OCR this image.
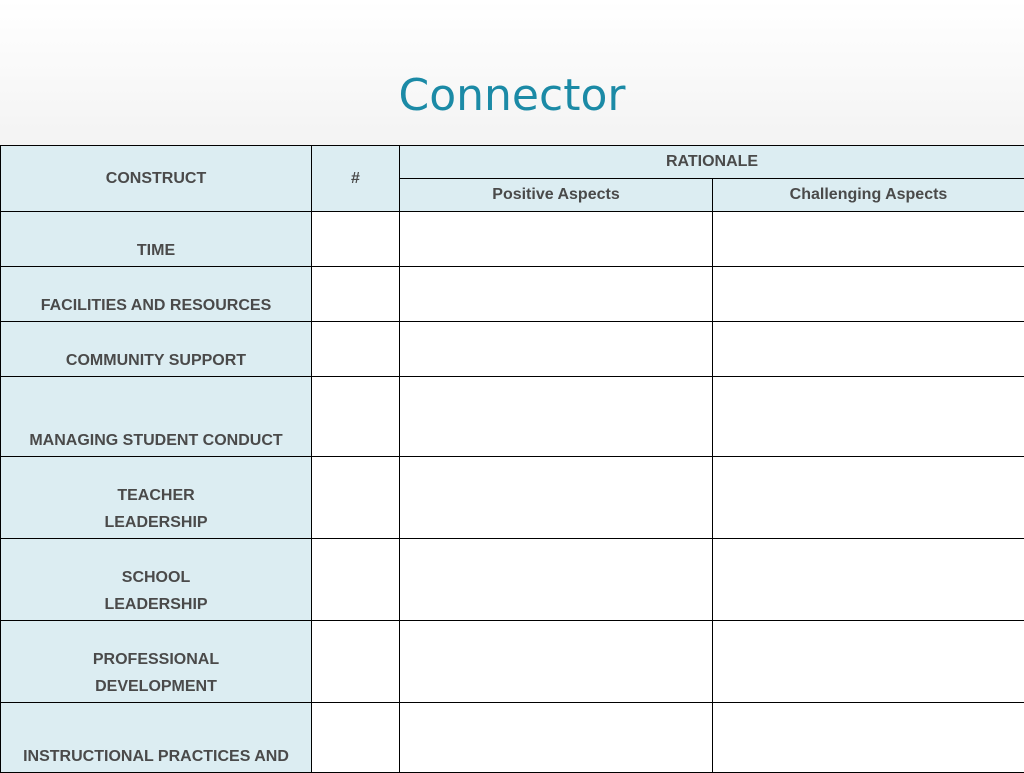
Connector
CONSTRUCT	#	RATIONALE	
		Positive Aspects	Challenging Aspects

TIME			

FACILITIES AND RESOURCES			

COMMUNITY SUPPORT			

MANAGING STUDENT CONDUCT			

TEACHER
LEADERSHIP			

SCHOOL
LEADERSHIP			

PROFESSIONAL
DEVELOPMENT			

INSTRUCTIONAL PRACTICES AND			
